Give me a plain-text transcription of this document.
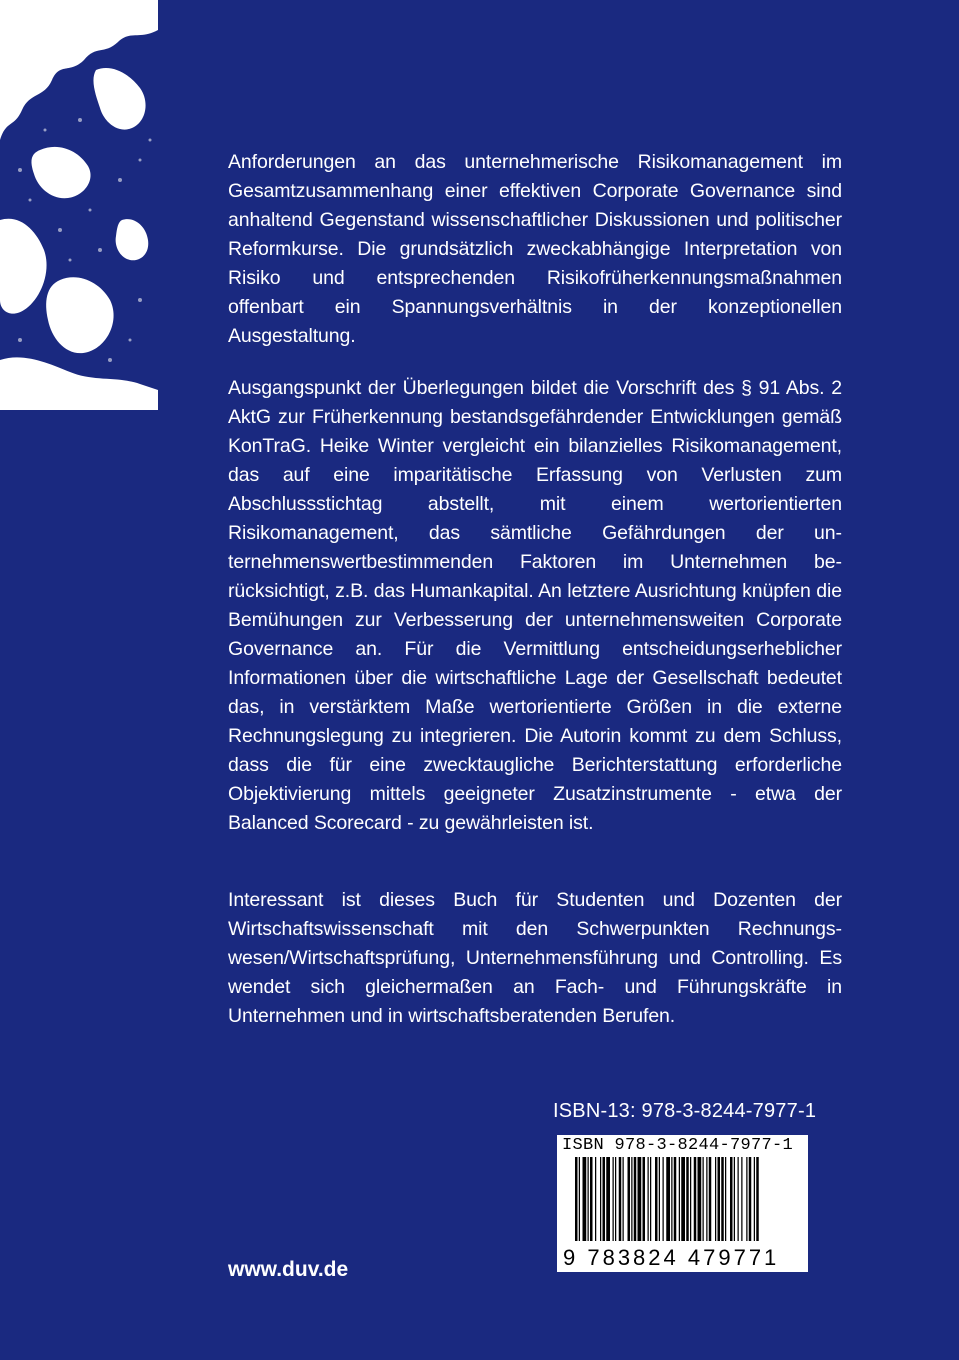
Anforderungen an das unternehmerische Risikomanagement im Gesamtzusammenhang einer effektiven Corporate Governance sind anhaltend Gegenstand wissenschaftlicher Diskussionen und politischer Reformkurse. Die grundsätzlich zweckabhängige Interpretation von Risiko und entsprechenden Risikofrüherkennungsmaßnahmen offenbart ein Spannungsverhältnis in der konzeptionellen Ausgestaltung.
Ausgangspunkt der Überlegungen bildet die Vorschrift des § 91 Abs. 2 AktG zur Früherkennung bestandsgefährdender Entwicklungen gemäß KonTraG. Heike Winter vergleicht ein bilanzielles Risikomanagement, das auf eine imparitätische Erfassung von Verlusten zum Abschlussstichtag abstellt, mit einem wertorientierten Risikomanagement, das sämtliche Gefährdungen der unternehmenswertbestimmenden Faktoren im Unternehmen berücksichtigt, z.B. das Humankapital. An letztere Ausrichtung knüpfen die Bemühungen zur Verbesserung der unternehmensweiten Corporate Governance an. Für die Vermittlung entscheidungserheblicher Informationen über die wirtschaftliche Lage der Gesellschaft bedeutet das, in verstärktem Maße wertorientierte Größen in die externe Rechnungslegung zu integrieren. Die Autorin kommt zu dem Schluss, dass die für eine zwecktaugliche Berichterstattung erforderliche Objektivierung mittels geeigneter Zusatzinstrumente - etwa der Balanced Scorecard - zu gewährleisten ist.
Interessant ist dieses Buch für Studenten und Dozenten der Wirtschaftswissenschaft mit den Schwerpunkten Rechnungswesen/Wirtschaftsprüfung, Unternehmensführung und Controlling. Es wendet sich gleichermaßen an Fach- und Führungskräfte in Unternehmen und in wirtschaftsberatenden Berufen.
ISBN-13: 978-3-8244-7977-1
ISBN 978-3-8244-7977-1
9 783824 479771
www.duv.de
